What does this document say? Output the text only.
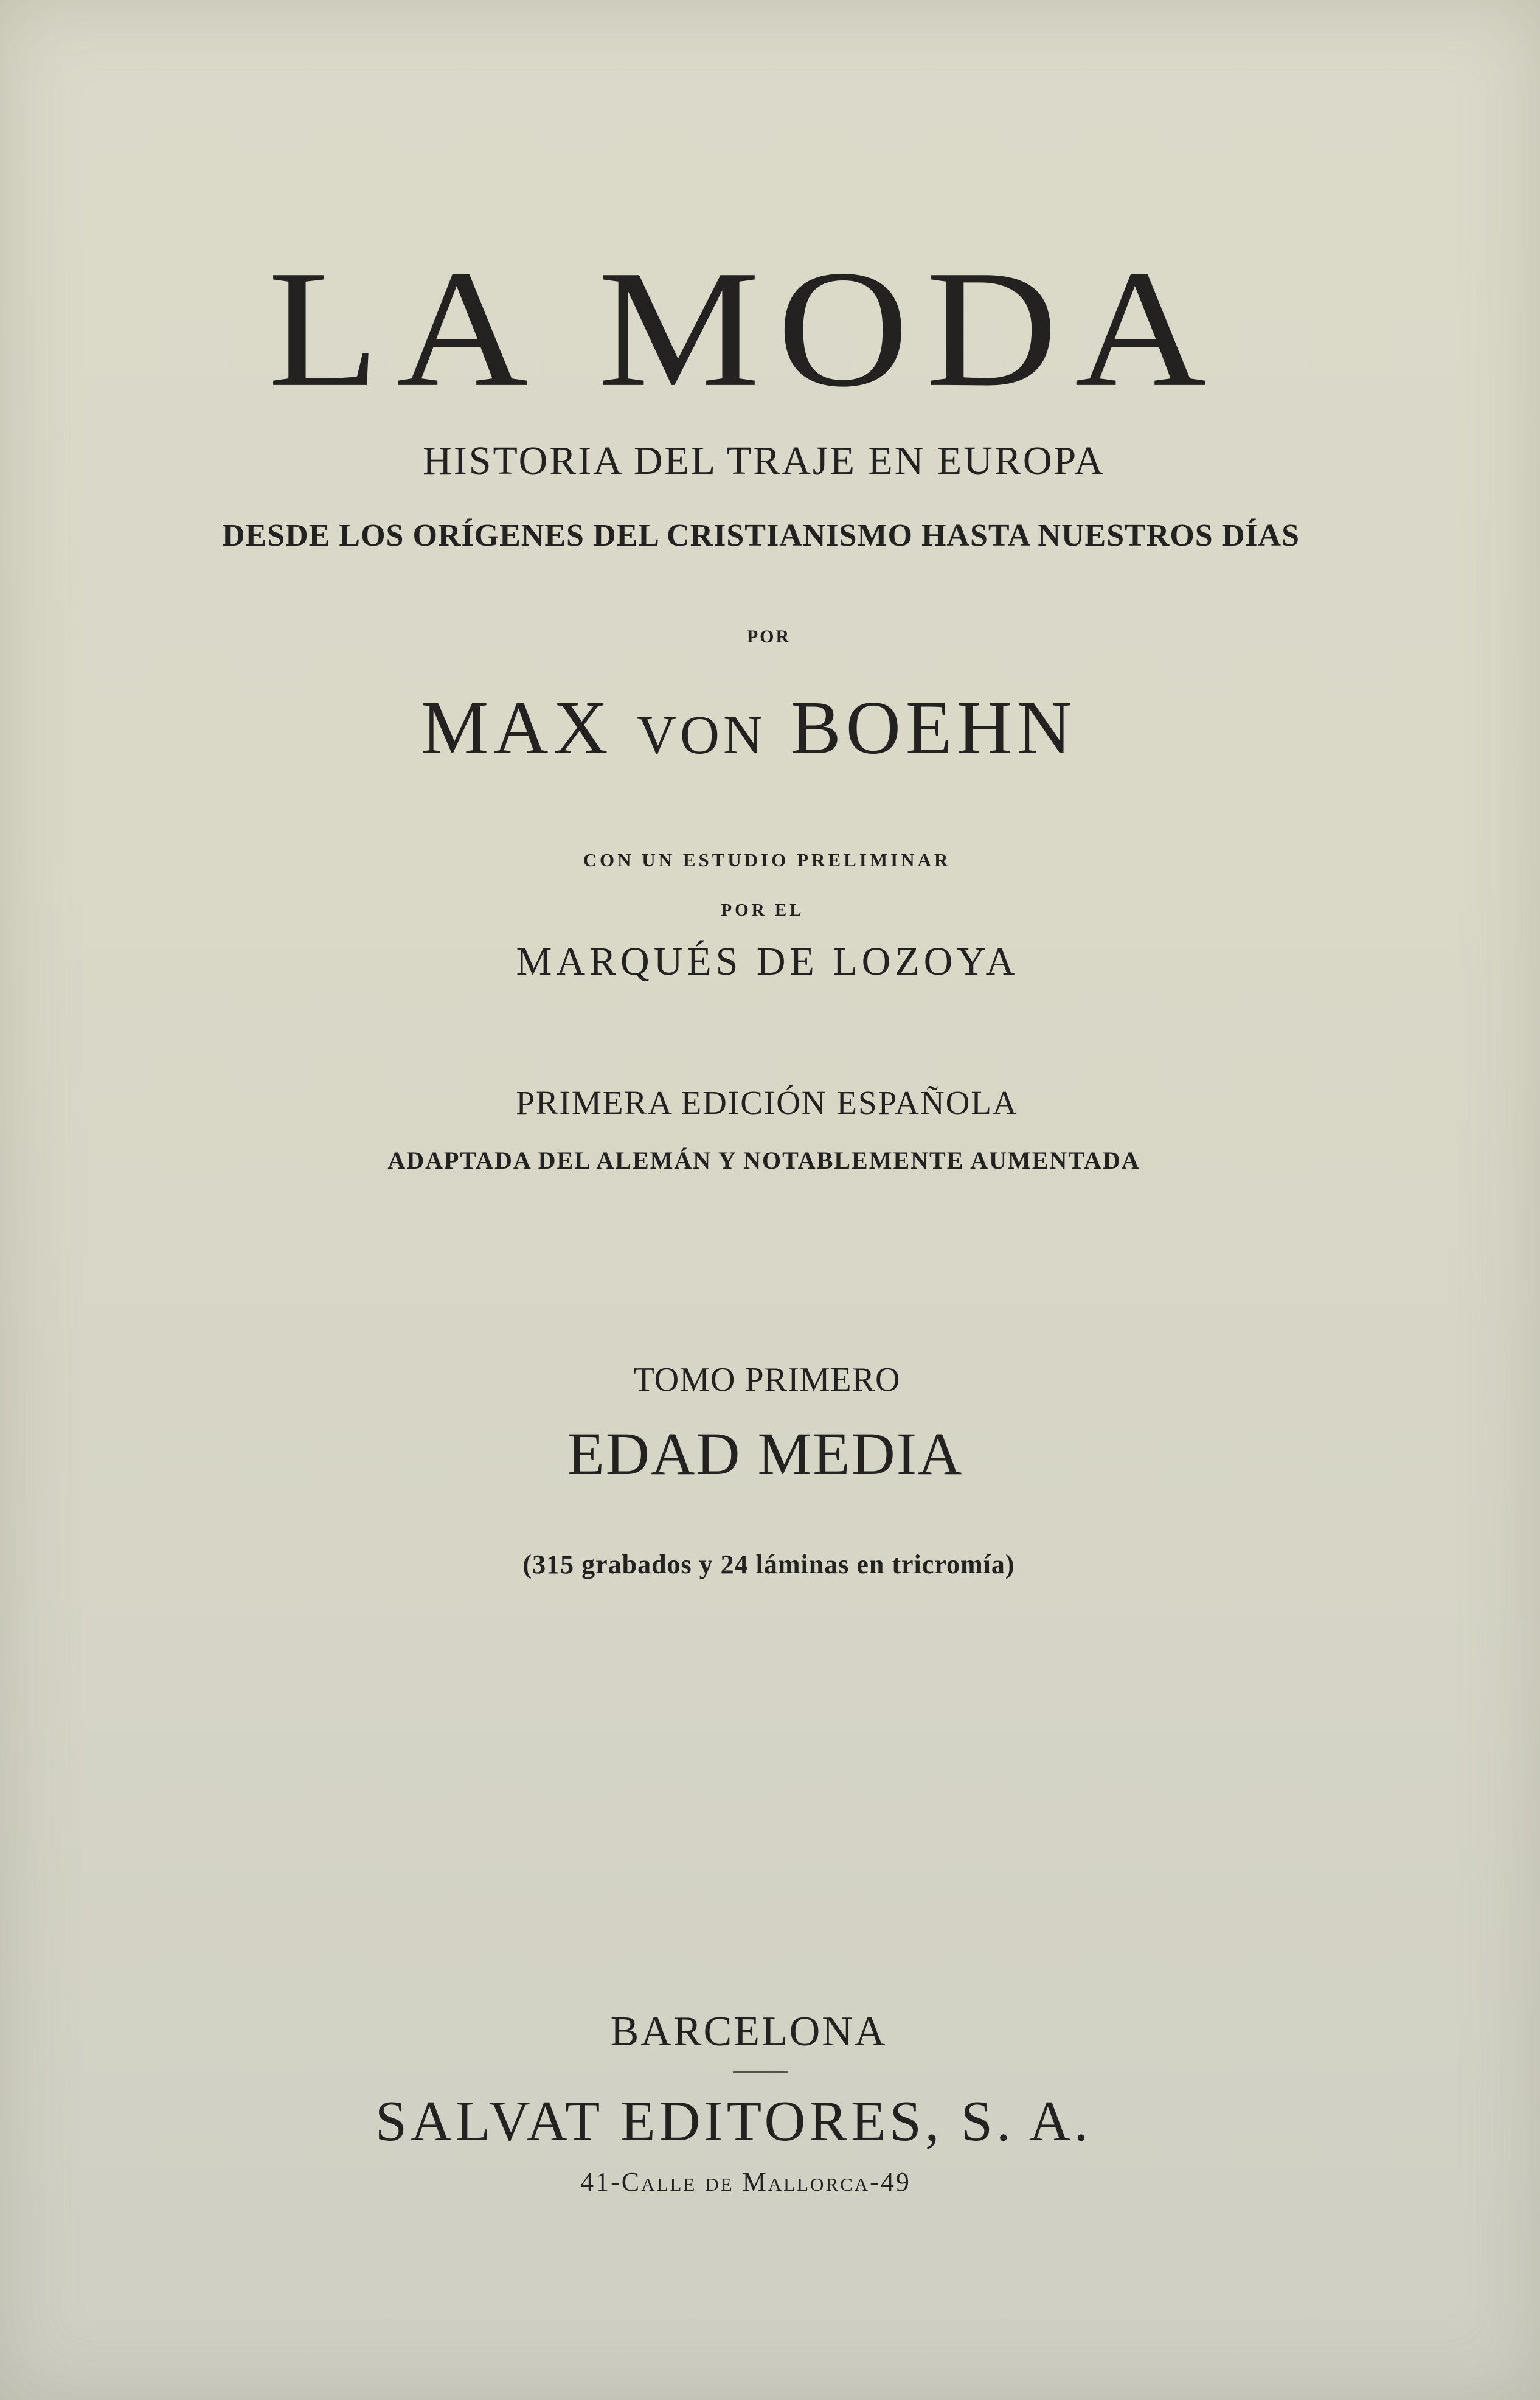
LA MODA

HISTORIA DEL TRAJE EN EUROPA

DESDE LOS ORÍGENES DEL CRISTIANISMO HASTA NUESTROS DÍAS

POR

MAX VON BOEHN

CON UN ESTUDIO PRELIMINAR

POR EL

MARQUÉS DE LOZOYA

PRIMERA EDICIÓN ESPAÑOLA

ADAPTADA DEL ALEMÁN Y NOTABLEMENTE AUMENTADA

TOMO PRIMERO

EDAD MEDIA

(315 grabados y 24 láminas en tricromía)

BARCELONA

SALVAT EDITORES, S. A.

41-Calle de Mallorca-49
